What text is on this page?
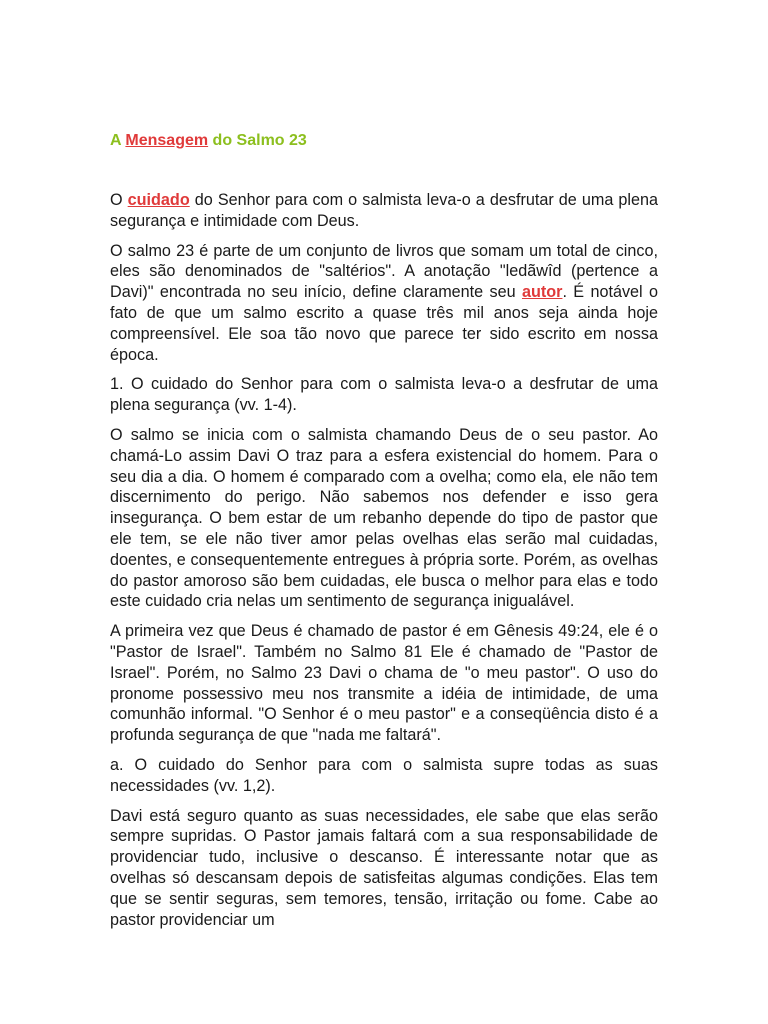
A Mensagem do Salmo 23

O cuidado do Senhor para com o salmista leva-o a desfrutar de uma plena segurança e intimidade com Deus.

O salmo 23 é parte de um conjunto de livros que somam um total de cinco, eles são denominados de "saltérios". A anotação "ledãwîd (pertence a Davi)" encontrada no seu início, define claramente seu autor. É notável o fato de que um salmo escrito a quase três mil anos seja ainda hoje compreensível. Ele soa tão novo que parece ter sido escrito em nossa época.

1. O cuidado do Senhor para com o salmista leva-o a desfrutar de uma plena segurança (vv. 1-4).

O salmo se inicia com o salmista chamando Deus de o seu pastor. Ao chamá-Lo assim Davi O traz para a esfera existencial do homem. Para o seu dia a dia. O homem é comparado com a ovelha; como ela, ele não tem discernimento do perigo. Não sabemos nos defender e isso gera insegurança. O bem estar de um rebanho depende do tipo de pastor que ele tem, se ele não tiver amor pelas ovelhas elas serão mal cuidadas, doentes, e consequentemente entregues à própria sorte. Porém, as ovelhas do pastor amoroso são bem cuidadas, ele busca o melhor para elas e todo este cuidado cria nelas um sentimento de segurança inigualável.

A primeira vez que Deus é chamado de pastor é em Gênesis 49:24, ele é o "Pastor de Israel". Também no Salmo 81 Ele é chamado de "Pastor de Israel". Porém, no Salmo 23 Davi o chama de "o meu pastor". O uso do pronome possessivo meu nos transmite a idéia de intimidade, de uma comunhão informal. "O Senhor é o meu pastor" e a conseqüência disto é a profunda segurança de que "nada me faltará".

a. O cuidado do Senhor para com o salmista supre todas as suas necessidades (vv. 1,2).

Davi está seguro quanto as suas necessidades, ele sabe que elas serão sempre supridas. O Pastor jamais faltará com a sua responsabilidade de providenciar tudo, inclusive o descanso. É interessante notar que as ovelhas só descansam depois de satisfeitas algumas condições. Elas tem que se sentir seguras, sem temores, tensão, irritação ou fome. Cabe ao pastor providenciar um
